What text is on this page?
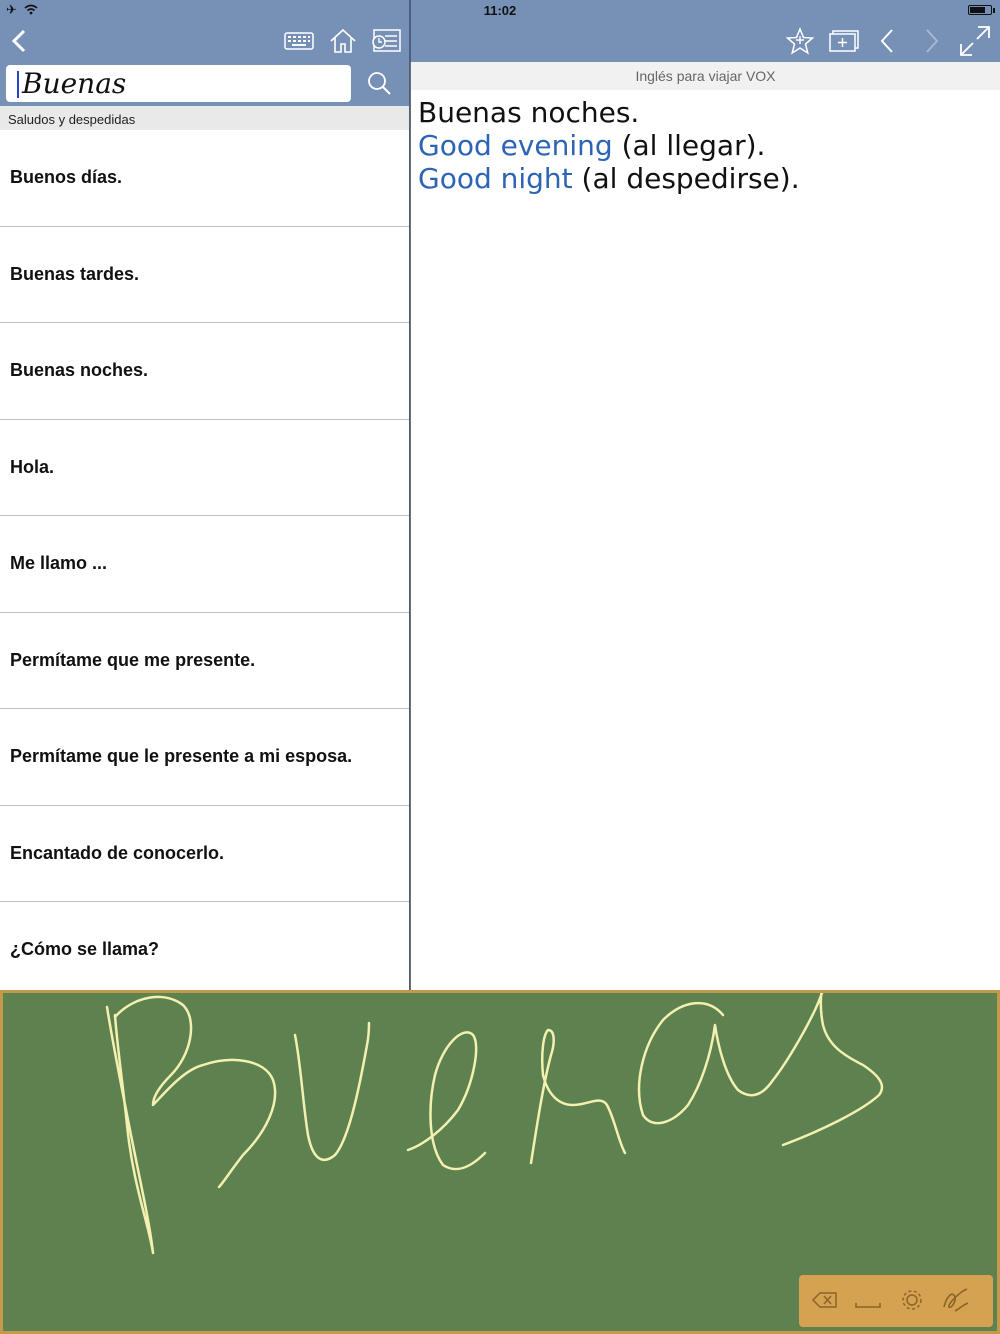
✈	11:02
Buenas
Saludos y despedidas
Buenos días.
Buenas tardes.
Buenas noches.
Hola.
Me llamo ...
Permítame que me presente.
Permítame que le presente a mi esposa.
Encantado de conocerlo.
¿Cómo se llama?
Inglés para viajar VOX
Buenas noches.
Good evening (al llegar).
Good night (al despedirse).
